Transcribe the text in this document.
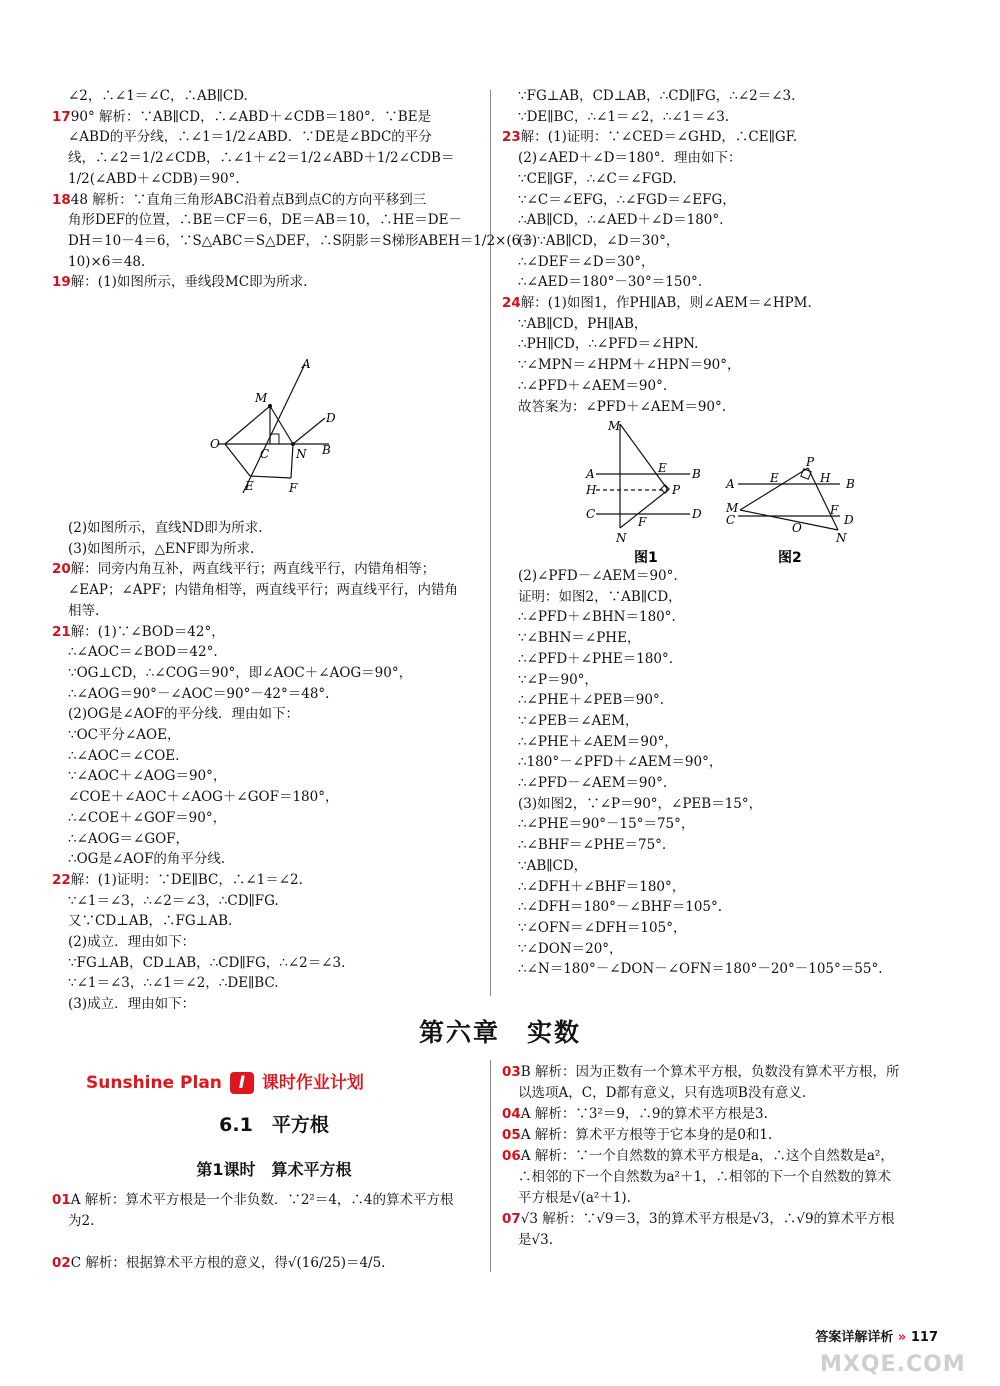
∠2，∴∠1＝∠C，∴AB∥CD.
1790° 解析：∵AB∥CD，∴∠ABD＋∠CDB＝180°．∵BE是
∠ABD的平分线，∴∠1＝1/2∠ABD．∵DE是∠BDC的平分
线，∴∠2＝1/2∠CDB，∴∠1＋∠2＝1/2∠ABD＋1/2∠CDB＝
1/2(∠ABD＋∠CDB)＝90°.
1848 解析：∵直角三角形ABC沿着点B到点C的方向平移到三
角形DEF的位置，∴BE＝CF＝6，DE＝AB＝10，∴HE＝DE－
DH＝10－4＝6，∵S△ABC＝S△DEF，∴S阴影＝S梯形ABEH＝1/2×(6＋
10)×6＝48.
19解：(1)如图所示，垂线段MC即为所求.
A
M
D
O
C N B
E	F
(2)如图所示，直线ND即为所求.
(3)如图所示，△ENF即为所求.
20解：同旁内角互补，两直线平行；两直线平行，内错角相等；
∠EAP；∠APF；内错角相等，两直线平行；两直线平行，内错角
相等.
21解：(1)∵∠BOD＝42°，
∴∠AOC＝∠BOD＝42°.
∵OG⊥CD，∴∠COG＝90°，即∠AOC＋∠AOG＝90°，
∴∠AOG＝90°－∠AOC＝90°－42°＝48°.
(2)OG是∠AOF的平分线．理由如下：
∵OC平分∠AOE，
∴∠AOC＝∠COE.
∵∠AOC＋∠AOG＝90°，
∠COE＋∠AOC＋∠AOG＋∠GOF＝180°，
∴∠COE＋∠GOF＝90°，
∴∠AOG＝∠GOF，
∴OG是∠AOF的角平分线.
22解：(1)证明：∵DE∥BC，∴∠1＝∠2.
∵∠1＝∠3，∴∠2＝∠3，∴CD∥FG.
又∵CD⊥AB，∴FG⊥AB.
(2)成立．理由如下：
∵FG⊥AB，CD⊥AB，∴CD∥FG，∴∠2＝∠3.
∵∠1＝∠3，∴∠1＝∠2，∴DE∥BC.
(3)成立．理由如下：
∵FG⊥AB，CD⊥AB，∴CD∥FG，∴∠2＝∠3.
∵DE∥BC，∴∠1＝∠2，∴∠1＝∠3.
23解：(1)证明：∵∠CED＝∠GHD，∴CE∥GF.
(2)∠AED＋∠D＝180°．理由如下：
∵CE∥GF，∴∠C＝∠FGD.
∵∠C＝∠EFG，∴∠FGD＝∠EFG，
∴AB∥CD，∴∠AED＋∠D＝180°.
(3)∵AB∥CD，∠D＝30°，
∴∠DEF＝∠D＝30°，
∴∠AED＝180°－30°＝150°.
24解：(1)如图1，作PH∥AB，则∠AEM＝∠HPM.
∵AB∥CD，PH∥AB，
∴PH∥CD，∴∠PFD＝∠HPN.
∵∠MPN＝∠HPM＋∠HPN＝90°，
∴∠PFD＋∠AEM＝90°.
故答案为：∠PFD＋∠AEM＝90°.
M
A	E B
H	P
C	D
F
N
图1
P
A	E	H B
M
C
O
F
D
N
图2
(2)∠PFD－∠AEM＝90°.
证明：如图2，∵AB∥CD，
∴∠PFD＋∠BHN＝180°.
∵∠BHN＝∠PHE，
∴∠PFD＋∠PHE＝180°.
∵∠P＝90°，
∴∠PHE＋∠PEB＝90°.
∵∠PEB＝∠AEM，
∴∠PHE＋∠AEM＝90°，
∴180°－∠PFD＋∠AEM＝90°，
∴∠PFD－∠AEM＝90°.
(3)如图2，∵∠P＝90°，∠PEB＝15°，
∴∠PHE＝90°－15°＝75°，
∴∠BHF＝∠PHE＝75°.
∵AB∥CD，
∴∠DFH＋∠BHF＝180°，
∴∠DFH＝180°－∠BHF＝105°.
∵∠OFN＝∠DFH＝105°，
∵∠DON＝20°，
∴∠N＝180°－∠DON－∠OFN＝180°－20°－105°＝55°.
第六章　实数
Sunshine Plan I 课时作业计划
6.1　平方根
第1课时　算术平方根
01A 解析：算术平方根是一个非负数．∵2²＝4，∴4的算术平方根
为2.

02C 解析：根据算术平方根的意义，得√(16/25)＝4/5.
03B 解析：因为正数有一个算术平方根，负数没有算术平方根，所
以选项A，C，D都有意义，只有选项B没有意义.
04A 解析：∵3²＝9，∴9的算术平方根是3.
05A 解析：算术平方根等于它本身的是0和1.
06A 解析：∵一个自然数的算术平方根是a，∴这个自然数是a²，
∴相邻的下一个自然数为a²＋1，∴相邻的下一个自然数的算术
平方根是√(a²＋1).
07√3 解析：∵√9＝3，3的算术平方根是√3，∴√9的算术平方根
是√3.
答案详解详析 » 117
MXQE.COM
